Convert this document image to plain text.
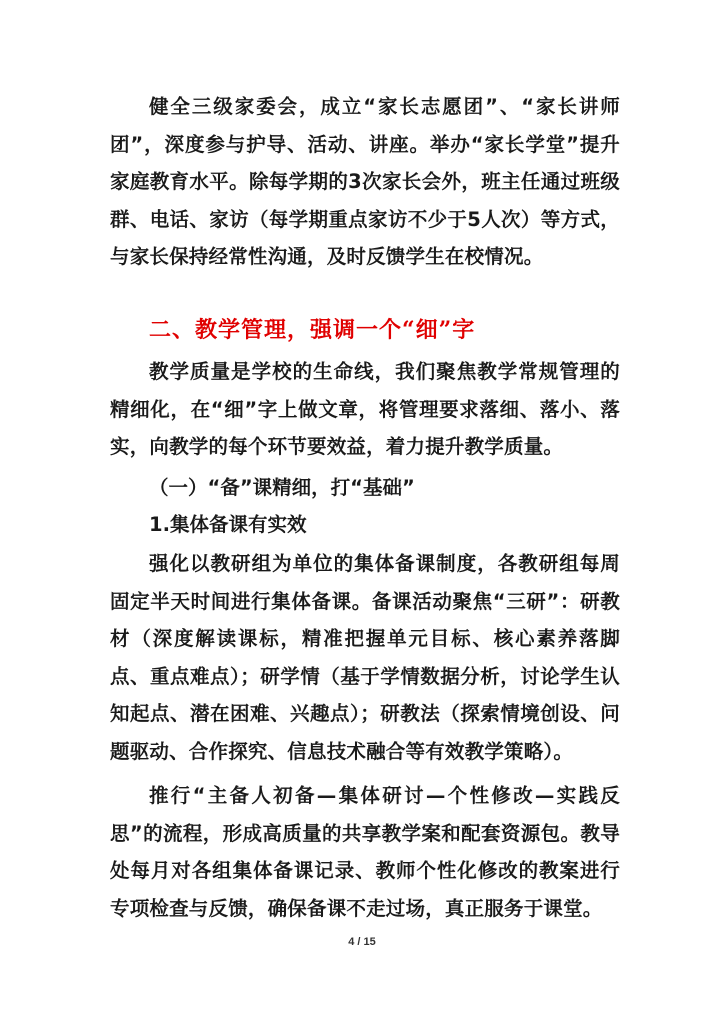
健全三级家委会，成立“家长志愿团”、“家长讲师团”，深度参与护导、活动、讲座。举办“家长学堂”提升家庭教育水平。除每学期的3次家长会外，班主任通过班级群、电话、家访（每学期重点家访不少于5人次）等方式，与家长保持经常性沟通，及时反馈学生在校情况。

二、教学管理，强调一个“细”字

教学质量是学校的生命线，我们聚焦教学常规管理的精细化，在“细”字上做文章，将管理要求落细、落小、落实，向教学的每个环节要效益，着力提升教学质量。

（一）“备”课精细，打“基础”

1.集体备课有实效

强化以教研组为单位的集体备课制度，各教研组每周固定半天时间进行集体备课。备课活动聚焦“三研”：研教材（深度解读课标，精准把握单元目标、核心素养落脚点、重点难点）；研学情（基于学情数据分析，讨论学生认知起点、潜在困难、兴趣点）；研教法（探索情境创设、问题驱动、合作探究、信息技术融合等有效教学策略）。

推行“主备人初备—集体研讨—个性修改—实践反思”的流程，形成高质量的共享教学案和配套资源包。教导处每月对各组集体备课记录、教师个性化修改的教案进行专项检查与反馈，确保备课不走过场，真正服务于课堂。

4 / 15
